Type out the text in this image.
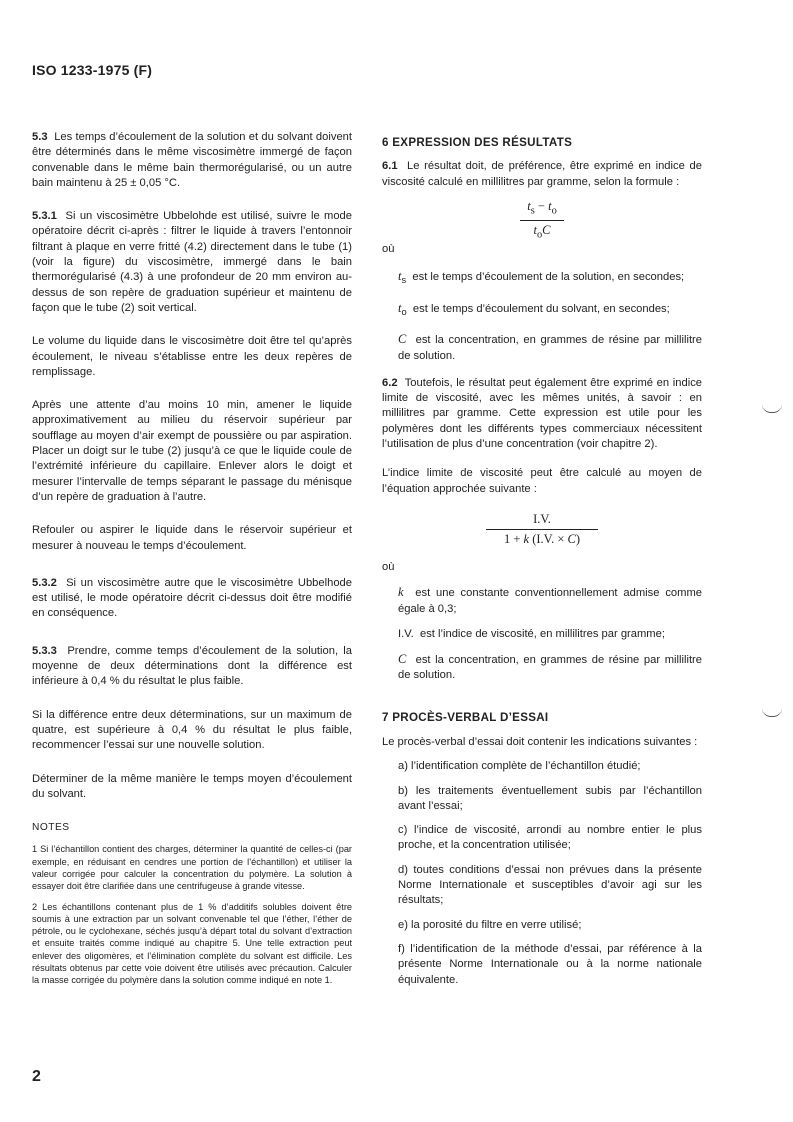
ISO 1233-1975 (F)

5.3 Les temps d’écoulement de la solution et du solvant doivent être déterminés dans le même viscosimètre immergé de façon convenable dans le même bain thermorégularisé, ou un autre bain maintenu à 25 ± 0,05 °C.

5.3.1 Si un viscosimètre Ubbelohde est utilisé, suivre le mode opératoire décrit ci-après : filtrer le liquide à travers l’entonnoir filtrant à plaque en verre fritté (4.2) directement dans le tube (1) (voir la figure) du viscosimètre, immergé dans le bain thermorégularisé (4.3) à une profondeur de 20 mm environ au-dessus de son repère de graduation supérieur et maintenu de façon que le tube (2) soit vertical.

Le volume du liquide dans le viscosimètre doit être tel qu’après écoulement, le niveau s’établisse entre les deux repères de remplissage.

Après une attente d’au moins 10 min, amener le liquide approximativement au milieu du réservoir supérieur par soufflage au moyen d’air exempt de poussière ou par aspiration. Placer un doigt sur le tube (2) jusqu’à ce que le liquide coule de l’extrémité inférieure du capillaire. Enlever alors le doigt et mesurer l’intervalle de temps séparant le passage du ménisque d’un repère de graduation à l’autre.

Refouler ou aspirer le liquide dans le réservoir supérieur et mesurer à nouveau le temps d’écoulement.

5.3.2 Si un viscosimètre autre que le viscosimètre Ubbelhode est utilisé, le mode opératoire décrit ci-dessus doit être modifié en conséquence.

5.3.3 Prendre, comme temps d’écoulement de la solution, la moyenne de deux déterminations dont la différence est inférieure à 0,4 % du résultat le plus faible.

Si la différence entre deux déterminations, sur un maximum de quatre, est supérieure à 0,4 % du résultat le plus faible, recommencer l’essai sur une nouvelle solution.

Déterminer de la même manière le temps moyen d’écoulement du solvant.

NOTES

1 Si l’échantillon contient des charges, déterminer la quantité de celles-ci (par exemple, en réduisant en cendres une portion de l’échantillon) et utiliser la valeur corrigée pour calculer la concentration du polymère. La solution à essayer doit être clarifiée dans une centrifugeuse à grande vitesse.

2 Les échantillons contenant plus de 1 % d’additifs solubles doivent être soumis à une extraction par un solvant convenable tel que l’éther, l’éther de pétrole, ou le cyclohexane, séchés jusqu’à départ total du solvant d’extraction et ensuite traités comme indiqué au chapitre 5. Une telle extraction peut enlever des oligomères, et l’élimination complète du solvant est difficile. Les résultats obtenus par cette voie doivent être utilisés avec précaution. Calculer la masse corrigée du polymère dans la solution comme indiqué en note 1.

6 EXPRESSION DES RÉSULTATS

6.1 Le résultat doit, de préférence, être exprimé en indice de viscosité calculé en millilitres par gramme, selon la formule :

$t_s - t_o$
$t_oC$

où

$t_s$ est le temps d’écoulement de la solution, en secondes;

$t_o$ est le temps d’écoulement du solvant, en secondes;

C est la concentration, en grammes de résine par millilitre de solution.

6.2 Toutefois, le résultat peut également être exprimé en indice limite de viscosité, avec les mêmes unités, à savoir : en millilitres par gramme. Cette expression est utile pour les polymères dont les différents types commerciaux nécessitent l’utilisation de plus d’une concentration (voir chapitre 2).

L’indice limite de viscosité peut être calculé au moyen de l’équation approchée suivante :

I.V.
1 + k (I.V. × C)

où

k est une constante conventionnellement admise comme égale à 0,3;

I.V. est l’indice de viscosité, en millilitres par gramme;

C est la concentration, en grammes de résine par millilitre de solution.

7 PROCÈS-VERBAL D’ESSAI

Le procès-verbal d’essai doit contenir les indications suivantes :

a) l’identification complète de l’échantillon étudié;

b) les traitements éventuellement subis par l’échantillon avant l’essai;

c) l’indice de viscosité, arrondi au nombre entier le plus proche, et la concentration utilisée;

d) toutes conditions d’essai non prévues dans la présente Norme Internationale et susceptibles d’avoir agi sur les résultats;

e) la porosité du filtre en verre utilisé;

f) l’identification de la méthode d’essai, par référence à la présente Norme Internationale ou à la norme nationale équivalente.

2
